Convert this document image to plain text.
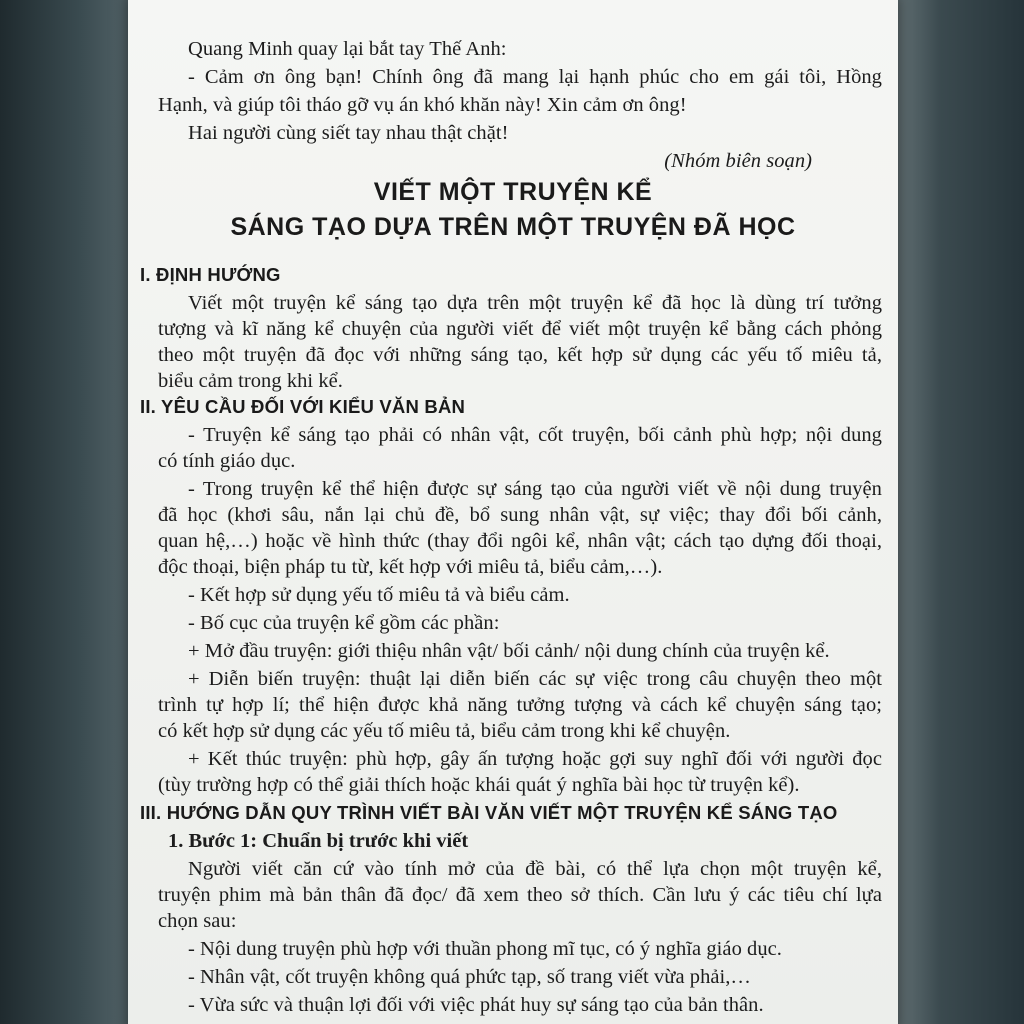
Quang Minh quay lại bắt tay Thế Anh:
- Cảm ơn ông bạn! Chính ông đã mang lại hạnh phúc cho em gái tôi, Hồng
Hạnh, và giúp tôi tháo gỡ vụ án khó khăn này! Xin cảm ơn ông!
Hai người cùng siết tay nhau thật chặt!
(Nhóm biên soạn)
VIẾT MỘT TRUYỆN KỂ
SÁNG TẠO DỰA TRÊN MỘT TRUYỆN ĐÃ HỌC
I. ĐỊNH HƯỚNG
Viết một truyện kể sáng tạo dựa trên một truyện kể đã học là dùng trí tưởng
tượng và kĩ năng kể chuyện của người viết để viết một truyện kể bằng cách phỏng
theo một truyện đã đọc với những sáng tạo, kết hợp sử dụng các yếu tố miêu tả,
biểu cảm trong khi kể.
II. YÊU CẦU ĐỐI VỚI KIỂU VĂN BẢN
- Truyện kể sáng tạo phải có nhân vật, cốt truyện, bối cảnh phù hợp; nội dung
có tính giáo dục.
- Trong truyện kể thể hiện được sự sáng tạo của người viết về nội dung truyện
đã học (khơi sâu, nắn lại chủ đề, bổ sung nhân vật, sự việc; thay đổi bối cảnh,
quan hệ,…) hoặc về hình thức (thay đổi ngôi kể, nhân vật; cách tạo dựng đối thoại,
độc thoại, biện pháp tu từ, kết hợp với miêu tả, biểu cảm,…).
- Kết hợp sử dụng yếu tố miêu tả và biểu cảm.
- Bố cục của truyện kể gồm các phần:
+ Mở đầu truyện: giới thiệu nhân vật/ bối cảnh/ nội dung chính của truyện kể.
+ Diễn biến truyện: thuật lại diễn biến các sự việc trong câu chuyện theo một
trình tự hợp lí; thể hiện được khả năng tưởng tượng và cách kể chuyện sáng tạo;
có kết hợp sử dụng các yếu tố miêu tả, biểu cảm trong khi kể chuyện.
+ Kết thúc truyện: phù hợp, gây ấn tượng hoặc gợi suy nghĩ đối với người đọc
(tùy trường hợp có thể giải thích hoặc khái quát ý nghĩa bài học từ truyện kể).
III. HƯỚNG DẪN QUY TRÌNH VIẾT BÀI VĂN VIẾT MỘT TRUYỆN KỂ SÁNG TẠO
1. Bước 1: Chuẩn bị trước khi viết
Người viết căn cứ vào tính mở của đề bài, có thể lựa chọn một truyện kể,
truyện phim mà bản thân đã đọc/ đã xem theo sở thích. Cần lưu ý các tiêu chí lựa
chọn sau:
- Nội dung truyện phù hợp với thuần phong mĩ tục, có ý nghĩa giáo dục.
- Nhân vật, cốt truyện không quá phức tạp, số trang viết vừa phải,…
- Vừa sức và thuận lợi đối với việc phát huy sự sáng tạo của bản thân.
